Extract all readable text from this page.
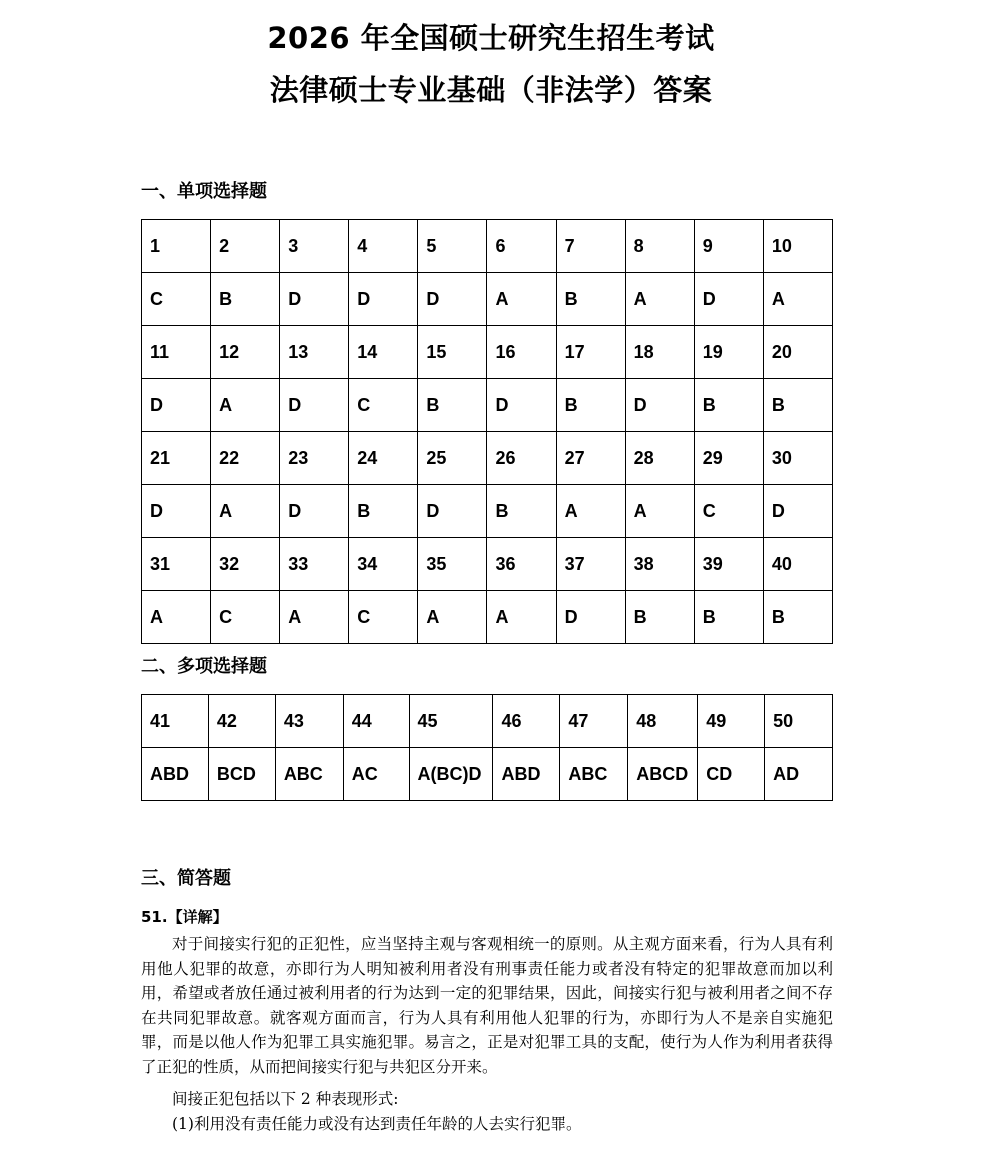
2026 年全国硕士研究生招生考试
法律硕士专业基础（非法学）答案
一、单项选择题
1	2	3	4	5	6	7	8	9	10
C	B	D	D	D	A	B	A	D	A
11	12	13	14	15	16	17	18	19	20
D	A	D	C	B	D	B	D	B	B
21	22	23	24	25	26	27	28	29	30
D	A	D	B	D	B	A	A	C	D
31	32	33	34	35	36	37	38	39	40
A	C	A	C	A	A	D	B	B	B
二、多项选择题
41	42	43	44	45	46	47	48	49	50
ABD	BCD	ABC	AC	A(BC)D	ABD	ABC	ABCD	CD	AD
三、简答题
51.【详解】
对于间接实行犯的正犯性，应当坚持主观与客观相统一的原则。从主观方面来看，行为人具有利用他人犯罪的故意，亦即行为人明知被利用者没有刑事责任能力或者没有特定的犯罪故意而加以利用，希望或者放任通过被利用者的行为达到一定的犯罪结果，因此，间接实行犯与被利用者之间不存在共同犯罪故意。就客观方面而言，行为人具有利用他人犯罪的行为，亦即行为人不是亲自实施犯罪，而是以他人作为犯罪工具实施犯罪。易言之，正是对犯罪工具的支配，使行为人作为利用者获得了正犯的性质，从而把间接实行犯与共犯区分开来。
间接正犯包括以下 2 种表现形式:
(1)利用没有责任能力或没有达到责任年龄的人去实行犯罪。
